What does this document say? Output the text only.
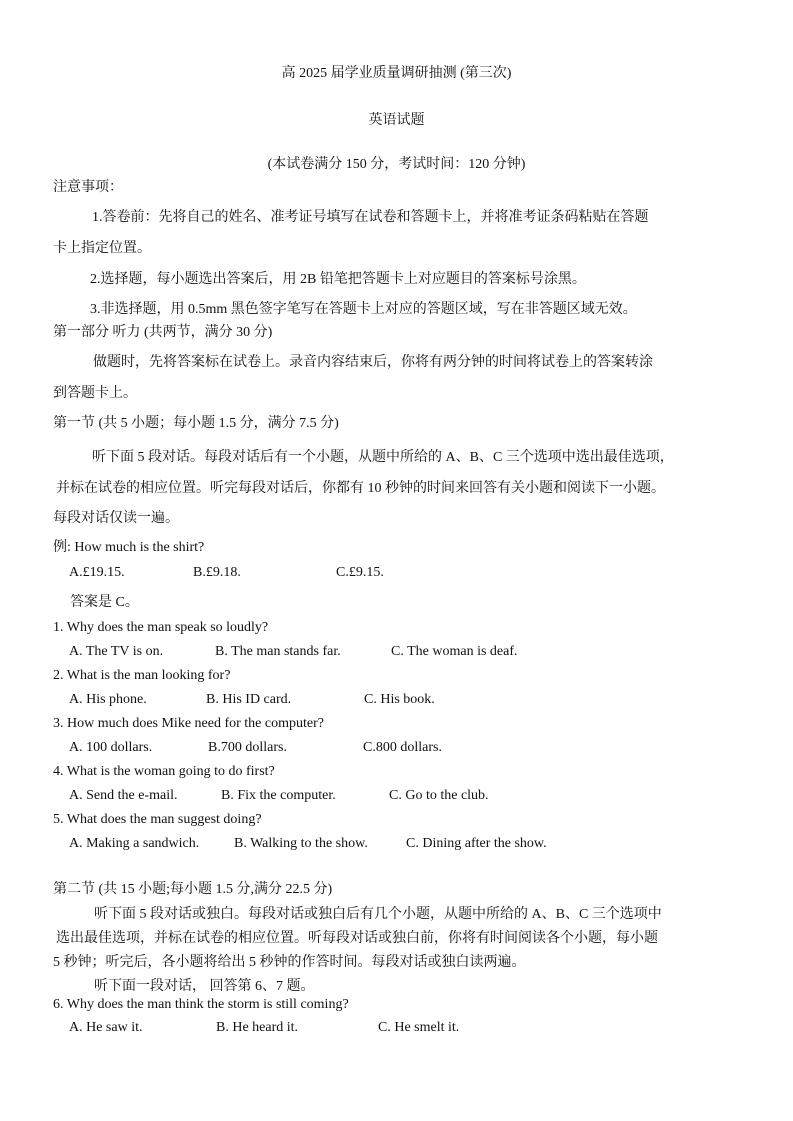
高 2025 届学业质量调研抽测 (第三次)
英语试题
(本试卷满分 150 分，考试时间：120 分钟)
注意事项：
1.答卷前：先将自己的姓名、准考证号填写在试卷和答题卡上，并将准考证条码粘贴在答题
卡上指定位置。
2.选择题，每小题选出答案后，用 2B 铅笔把答题卡上对应题目的答案标号涂黑。
3.非选择题，用 0.5mm 黑色签字笔写在答题卡上对应的答题区域，写在非答题区域无效。
第一部分 听力 (共两节，满分 30 分)
做题时，先将答案标在试卷上。录音内容结束后，你将有两分钟的时间将试卷上的答案转涂
到答题卡上。
第一节 (共 5 小题；每小题 1.5 分，满分 7.5 分)
听下面 5 段对话。每段对话后有一个小题，从题中所给的 A、B、C 三个选项中选出最佳选项，
并标在试卷的相应位置。听完每段对话后，你都有 10 秒钟的时间来回答有关小题和阅读下一小题。
每段对话仅读一遍。
例: How much is the shirt?
A.£19.15.	B.£9.18.	C.£9.15.
答案是 C。
1. Why does the man speak so loudly?
A. The TV is on.	B. The man stands far.	C. The woman is deaf.
2. What is the man looking for?
A. His phone.	B. His ID card.	C. His book.
3. How much does Mike need for the computer?
A. 100 dollars.	B.700 dollars.	C.800 dollars.
4. What is the woman going to do first?
A. Send the e-mail.	B. Fix the computer.	C. Go to the club.
5. What does the man suggest doing?
A. Making a sandwich. B. Walking to the show.	C. Dining after the show.
第二节 (共 15 小题;每小题 1.5 分,满分 22.5 分)
听下面 5 段对话或独白。每段对话或独白后有几个小题，从题中所给的 A、B、C 三个选项中
选出最佳选项，并标在试卷的相应位置。听每段对话或独白前，你将有时间阅读各个小题，每小题
5 秒钟；听完后，各小题将给出 5 秒钟的作答时间。每段对话或独白读两遍。
听下面一段对话， 回答第 6、7 题。
6. Why does the man think the storm is still coming?
A. He saw it.	B. He heard it.	C. He smelt it.
